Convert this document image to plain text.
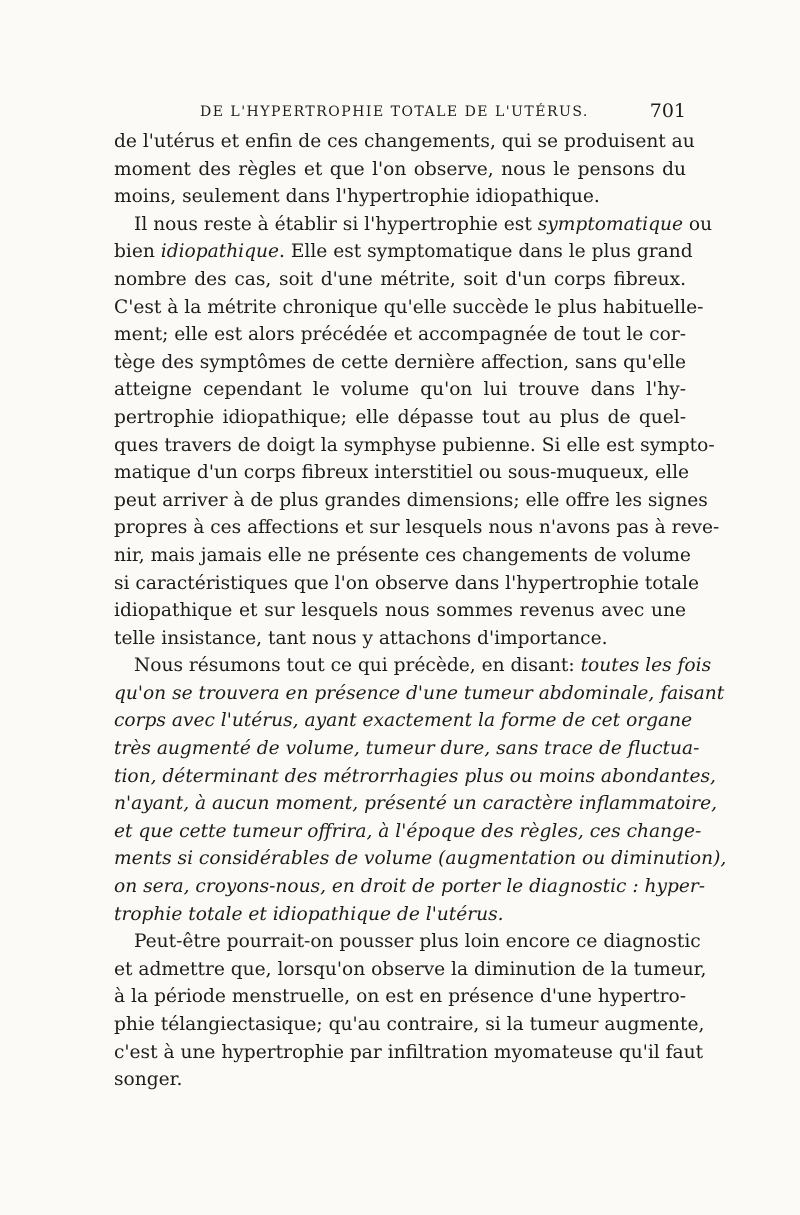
DE L'HYPERTROPHIE TOTALE DE L'UTÉRUS.	701
de l'utérus et enfin de ces changements, qui se produisent au
moment des règles et que l'on observe, nous le pensons du
moins, seulement dans l'hypertrophie idiopathique.
Il nous reste à établir si l'hypertrophie est symptomatique ou
bien idiopathique. Elle est symptomatique dans le plus grand
nombre des cas, soit d'une métrite, soit d'un corps fibreux.
C'est à la métrite chronique qu'elle succède le plus habituelle-
ment; elle est alors précédée et accompagnée de tout le cor-
tège des symptômes de cette dernière affection, sans qu'elle
atteigne cependant le volume qu'on lui trouve dans l'hy-
pertrophie idiopathique; elle dépasse tout au plus de quel-
ques travers de doigt la symphyse pubienne. Si elle est sympto-
matique d'un corps fibreux interstitiel ou sous-muqueux, elle
peut arriver à de plus grandes dimensions; elle offre les signes
propres à ces affections et sur lesquels nous n'avons pas à reve-
nir, mais jamais elle ne présente ces changements de volume
si caractéristiques que l'on observe dans l'hypertrophie totale
idiopathique et sur lesquels nous sommes revenus avec une
telle insistance, tant nous y attachons d'importance.
Nous résumons tout ce qui précède, en disant: toutes les fois
qu'on se trouvera en présence d'une tumeur abdominale, faisant
corps avec l'utérus, ayant exactement la forme de cet organe
très augmenté de volume, tumeur dure, sans trace de fluctua-
tion, déterminant des métrorrhagies plus ou moins abondantes,
n'ayant, à aucun moment, présenté un caractère inflammatoire,
et que cette tumeur offrira, à l'époque des règles, ces change-
ments si considérables de volume (augmentation ou diminution),
on sera, croyons-nous, en droit de porter le diagnostic : hyper-
trophie totale et idiopathique de l'utérus.
Peut-être pourrait-on pousser plus loin encore ce diagnostic
et admettre que, lorsqu'on observe la diminution de la tumeur,
à la période menstruelle, on est en présence d'une hypertro-
phie télangiectasique; qu'au contraire, si la tumeur augmente,
c'est à une hypertrophie par infiltration myomateuse qu'il faut
songer.
